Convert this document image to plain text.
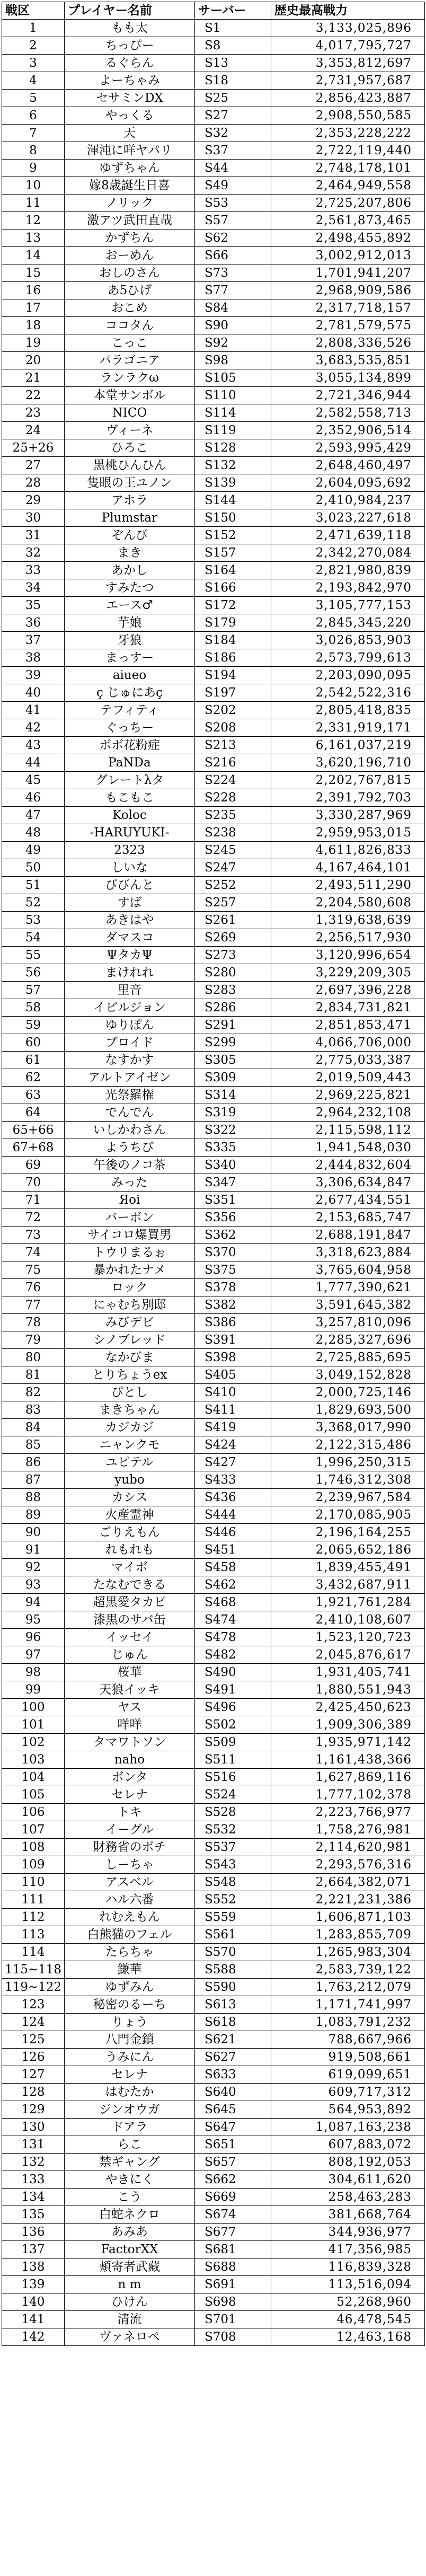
戦区	プレイヤー名前	サーバー	歴史最高戦力
1	もも太	S1	3,133,025,896
2	ちっぴー	S8	4,017,795,727
3	るぐらん	S13	3,353,812,697
4	よーちゃみ	S18	2,731,957,687
5	セサミンDX	S25	2,856,423,887
6	やっくる	S27	2,908,550,585
7	天	S32	2,353,228,222
8	渾沌に咩ヤパリ	S37	2,722,119,440
9	ゆずちゃん	S44	2,748,178,101
10	嫁8歳誕生日喜	S49	2,464,949,558
11	ノリック	S53	2,725,207,806
12	激アツ武田直哉	S57	2,561,873,465
13	かずちん	S62	2,498,455,892
14	おーめん	S66	3,002,912,013
15	おしのさん	S73	1,701,941,207
16	あ5ひげ	S77	2,968,909,586
17	おこめ	S84	2,317,718,157
18	ココタん	S90	2,781,579,575
19	こっこ	S92	2,808,336,526
20	パラゴニア	S98	3,683,535,851
21	ランラクω	S105	3,055,134,899
22	本堂サンボル	S110	2,721,346,944
23	NICO	S114	2,582,558,713
24	ヴィーネ	S119	2,352,906,514
25+26	ひろこ	S128	2,593,995,429
27	黒桃ひんひん	S132	2,648,460,497
28	隻眼の王ユノン	S139	2,604,095,692
29	アホラ	S144	2,410,984,237
30	Plumstar	S150	3,023,227,618
31	ぞんび	S152	2,471,639,118
32	まき	S157	2,342,270,084
33	あかし	S164	2,821,980,839
34	すみたつ	S166	2,193,842,970
35	エース♂	S172	3,105,777,153
36	芋娘	S179	2,845,345,220
37	牙狼	S184	3,026,853,903
38	まっすー	S186	2,573,799,613
39	aiueo	S194	2,203,090,095
40	ç じゅにあç	S197	2,542,522,316
41	テフィティ	S202	2,805,418,835
42	ぐっちー	S208	2,331,919,171
43	ボボ花粉症	S213	6,161,037,219
44	PaNDa	S216	3,620,196,710
45	グレートλタ	S224	2,202,767,815
46	もこもこ	S228	2,391,792,703
47	Koloc	S235	3,330,287,969
48	-HARUYUKI-	S238	2,959,953,015
49	2323	S245	4,611,826,833
50	しいな	S247	4,167,464,101
51	びびんと	S252	2,493,511,290
52	すば	S257	2,204,580,608
53	あきはや	S261	1,319,638,639
54	ダマスコ	S269	2,256,517,930
55	ΨタカΨ	S273	3,120,996,654
56	まけれれ	S280	3,229,209,305
57	里音	S283	2,697,396,228
58	イビルジョン	S286	2,834,731,821
59	ゆりぽん	S291	2,851,853,471
60	ブロイド	S299	4,066,706,000
61	なすかす	S305	2,775,033,387
62	アルトアイゼン	S309	2,019,509,443
63	光祭羅権	S314	2,969,225,821
64	でんでん	S319	2,964,232,108
65+66	いしかわさん	S322	2,115,598,112
67+68	ようちび	S335	1,941,548,030
69	午後のノコ茶	S340	2,444,832,604
70	みった	S347	3,306,634,847
71	Яoi	S351	2,677,434,551
72	バーボン	S356	2,153,685,747
73	サイコロ爆買男	S362	2,688,191,847
74	トウリまるぉ	S370	3,318,623,884
75	暴かれたナメ	S375	3,765,604,958
76	ロック	S378	1,777,390,621
77	にゃむち別邸	S382	3,591,645,382
78	みびデビ	S386	3,257,810,096
79	シノブレッド	S391	2,285,327,696
80	なかびま	S398	2,725,885,695
81	とりちょうex	S405	3,049,152,828
82	ぴとし	S410	2,000,725,146
83	まきちゃん	S411	1,829,693,500
84	カジカジ	S419	3,368,017,990
85	ニャンクモ	S424	2,122,315,486
86	ユピテル	S427	1,996,250,315
87	yubo	S433	1,746,312,308
88	カシス	S436	2,239,967,584
89	火産霊神	S444	2,170,085,905
90	ごりえもん	S446	2,196,164,255
91	れもれも	S451	2,065,652,186
92	マイボ	S458	1,839,455,491
93	たなむできる	S462	3,432,687,911
94	超黒愛タカピ	S468	1,921,761,284
95	漆黒のサバ缶	S474	2,410,108,607
96	イッセイ	S478	1,523,120,723
97	じゅん	S482	2,045,876,617
98	桜華	S490	1,931,405,741
99	天狼イッキ	S491	1,880,551,943
100	ヤス	S496	2,425,450,623
101	咩咩	S502	1,909,306,389
102	タマワトソン	S509	1,935,971,142
103	naho	S511	1,161,438,366
104	ボンタ	S516	1,627,869,116
105	セレナ	S524	1,777,102,378
106	トキ	S528	2,223,766,977
107	イーグル	S532	1,758,276,981
108	財務省のボチ	S537	2,114,620,981
109	しーちゃ	S543	2,293,576,316
110	アスベル	S548	2,664,382,071
111	ハル六番	S552	2,221,231,386
112	れむえもん	S559	1,606,871,103
113	白熊猫のフェル	S561	1,283,855,709
114	たらちゃ	S570	1,265,983,304
115~118	鎌華	S588	2,583,739,122
119~122	ゆずみん	S590	1,763,212,079
123	秘密のるーち	S613	1,171,741,997
124	りょう	S618	1,083,791,232
125	八門金鎖	S621	788,667,966
126	うみにん	S627	919,508,661
127	セレナ	S633	619,099,651
128	はむたか	S640	609,717,312
129	ジンオウガ	S645	564,953,892
130	ドアラ	S647	1,087,163,238
131	らこ	S651	607,883,072
132	禁ギャング	S657	808,192,053
133	やきにく	S662	304,611,620
134	こう	S669	258,463,283
135	白蛇ネクロ	S674	381,668,764
136	あみあ	S677	344,936,977
137	FactorXX	S681	417,356,985
138	頬寄者武藏	S688	116,839,328
139	n m	S691	113,516,094
140	ひけん	S698	52,268,960
141	清流	S701	46,478,545
142	ヴァネロペ	S708	12,463,168
